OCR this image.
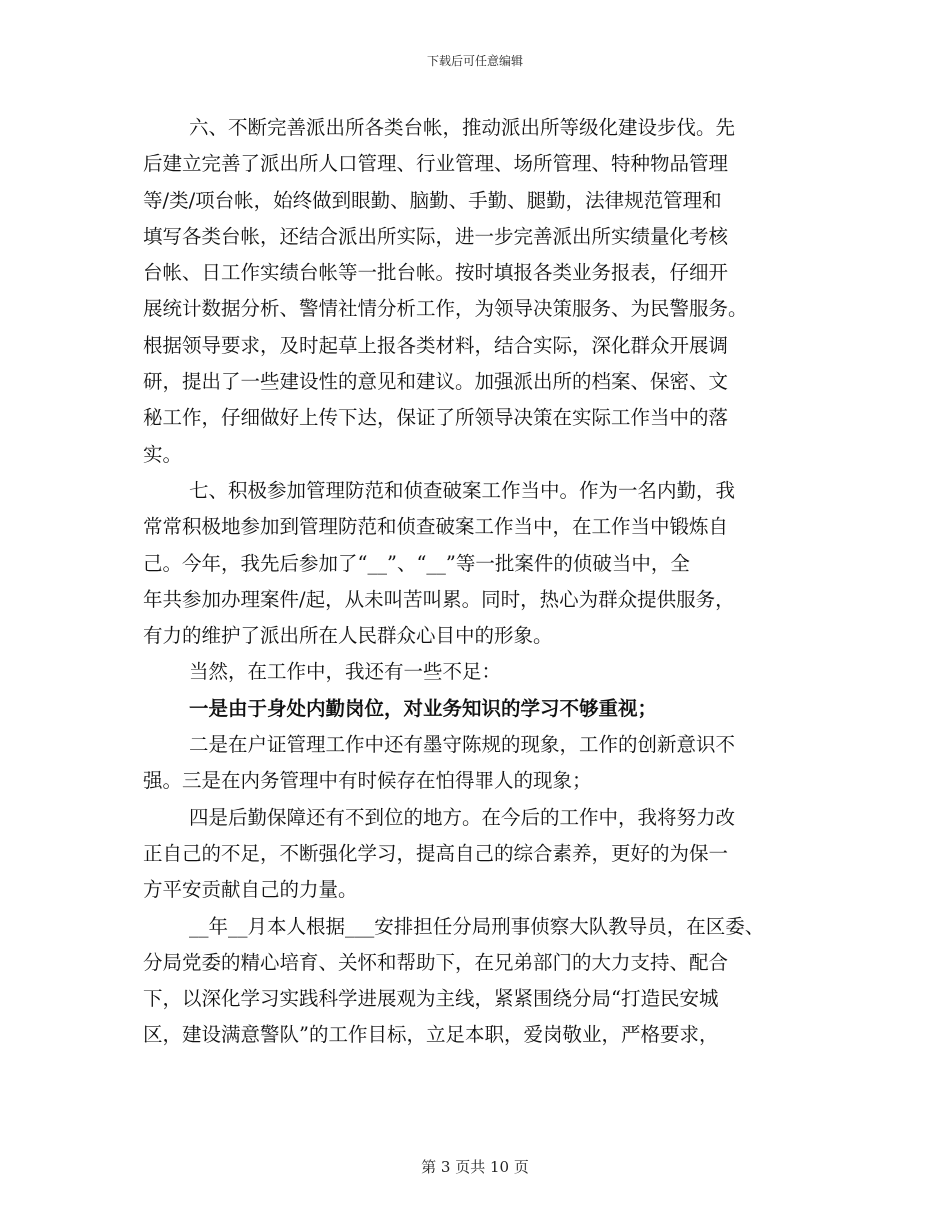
下载后可任意编辑
六、不断完善派出所各类台帐，推动派出所等级化建设步伐。先
后建立完善了派出所人口管理、行业管理、场所管理、特种物品管理
等/类/项台帐，始终做到眼勤、脑勤、手勤、腿勤，法律规范管理和
填写各类台帐，还结合派出所实际，进一步完善派出所实绩量化考核
台帐、日工作实绩台帐等一批台帐。按时填报各类业务报表，仔细开
展统计数据分析、警情社情分析工作，为领导决策服务、为民警服务。
根据领导要求，及时起草上报各类材料，结合实际，深化群众开展调
研，提出了一些建设性的意见和建议。加强派出所的档案、保密、文
秘工作，仔细做好上传下达，保证了所领导决策在实际工作当中的落
实。
七、积极参加管理防范和侦查破案工作当中。作为一名内勤，我
常常积极地参加到管理防范和侦查破案工作当中，在工作当中锻炼自
己。今年，我先后参加了“__”、“__”等一批案件的侦破当中，全
年共参加办理案件/起，从未叫苦叫累。同时，热心为群众提供服务，
有力的维护了派出所在人民群众心目中的形象。
当然，在工作中，我还有一些不足：
一是由于身处内勤岗位，对业务知识的学习不够重视；
二是在户证管理工作中还有墨守陈规的现象，工作的创新意识不
强。三是在内务管理中有时候存在怕得罪人的现象；
四是后勤保障还有不到位的地方。在今后的工作中，我将努力改
正自己的不足，不断强化学习，提高自己的综合素养，更好的为保一
方平安贡献自己的力量。
__年__月本人根据___安排担任分局刑事侦察大队教导员，在区委、
分局党委的精心培育、关怀和帮助下，在兄弟部门的大力支持、配合
下，以深化学习实践科学进展观为主线，紧紧围绕分局“打造民安城
区，建设满意警队”的工作目标，立足本职，爱岗敬业，严格要求，
第 3 页共 10 页
